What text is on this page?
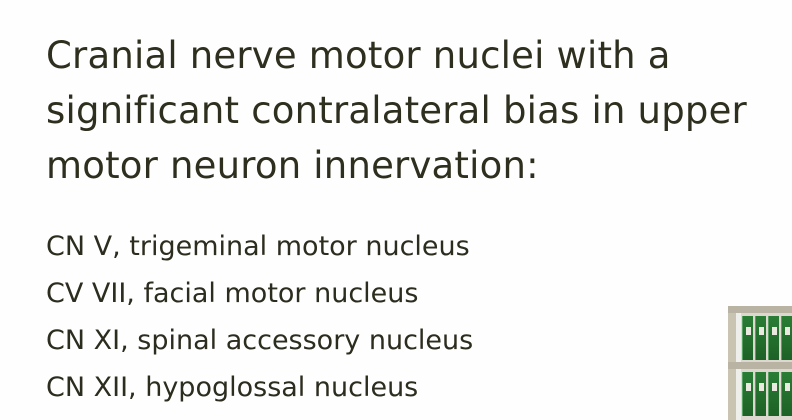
Cranial nerve motor nuclei with a
significant contralateral bias in upper
motor neuron innervation:
CN V, trigeminal motor nucleus
CV VII, facial motor nucleus
CN XI, spinal accessory nucleus
CN XII, hypoglossal nucleus
